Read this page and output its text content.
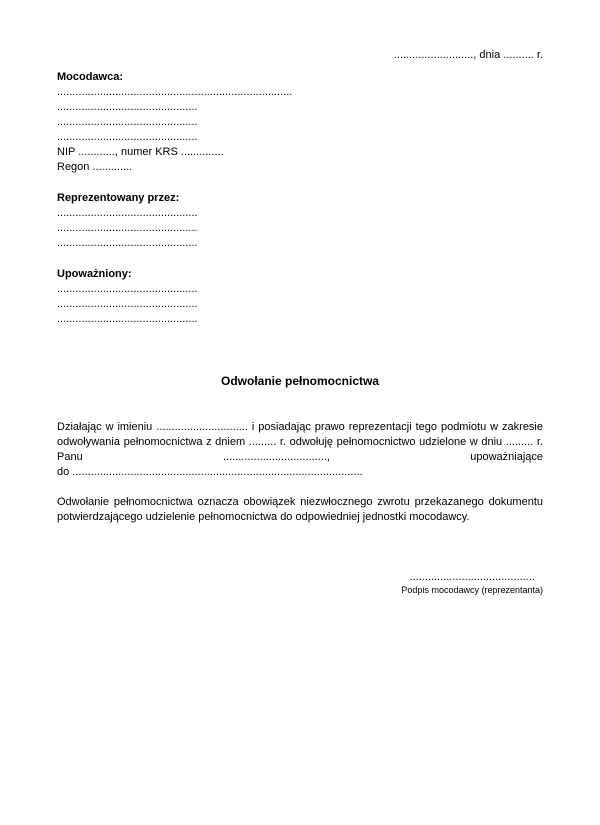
.........................., dnia .......... r.
Mocodawca:
.............................................................................
..............................................
..............................................
..............................................
NIP ............, numer KRS ..............
Regon .............
Reprezentowany przez:
..............................................
..............................................
..............................................
Upoważniony:
..............................................
..............................................
..............................................
Odwołanie pełnomocnictwa
Działając w imieniu .............................. i posiadając prawo reprezentacji tego podmiotu w zakresie
odwoływania pełnomocnictwa z dniem ......... r. odwołuję pełnomocnictwo udzielone w dniu ......... r.
Panu .................................., upoważniające
do ...............................................................................................
Odwołanie pełnomocnictwa oznacza obowiązek niezwłocznego zwrotu przekazanego dokumentu
potwierdzającego udzielenie pełnomocnictwa do odpowiedniej jednostki mocodawcy.
.........................................
Podpis mocodawcy (reprezentanta)
